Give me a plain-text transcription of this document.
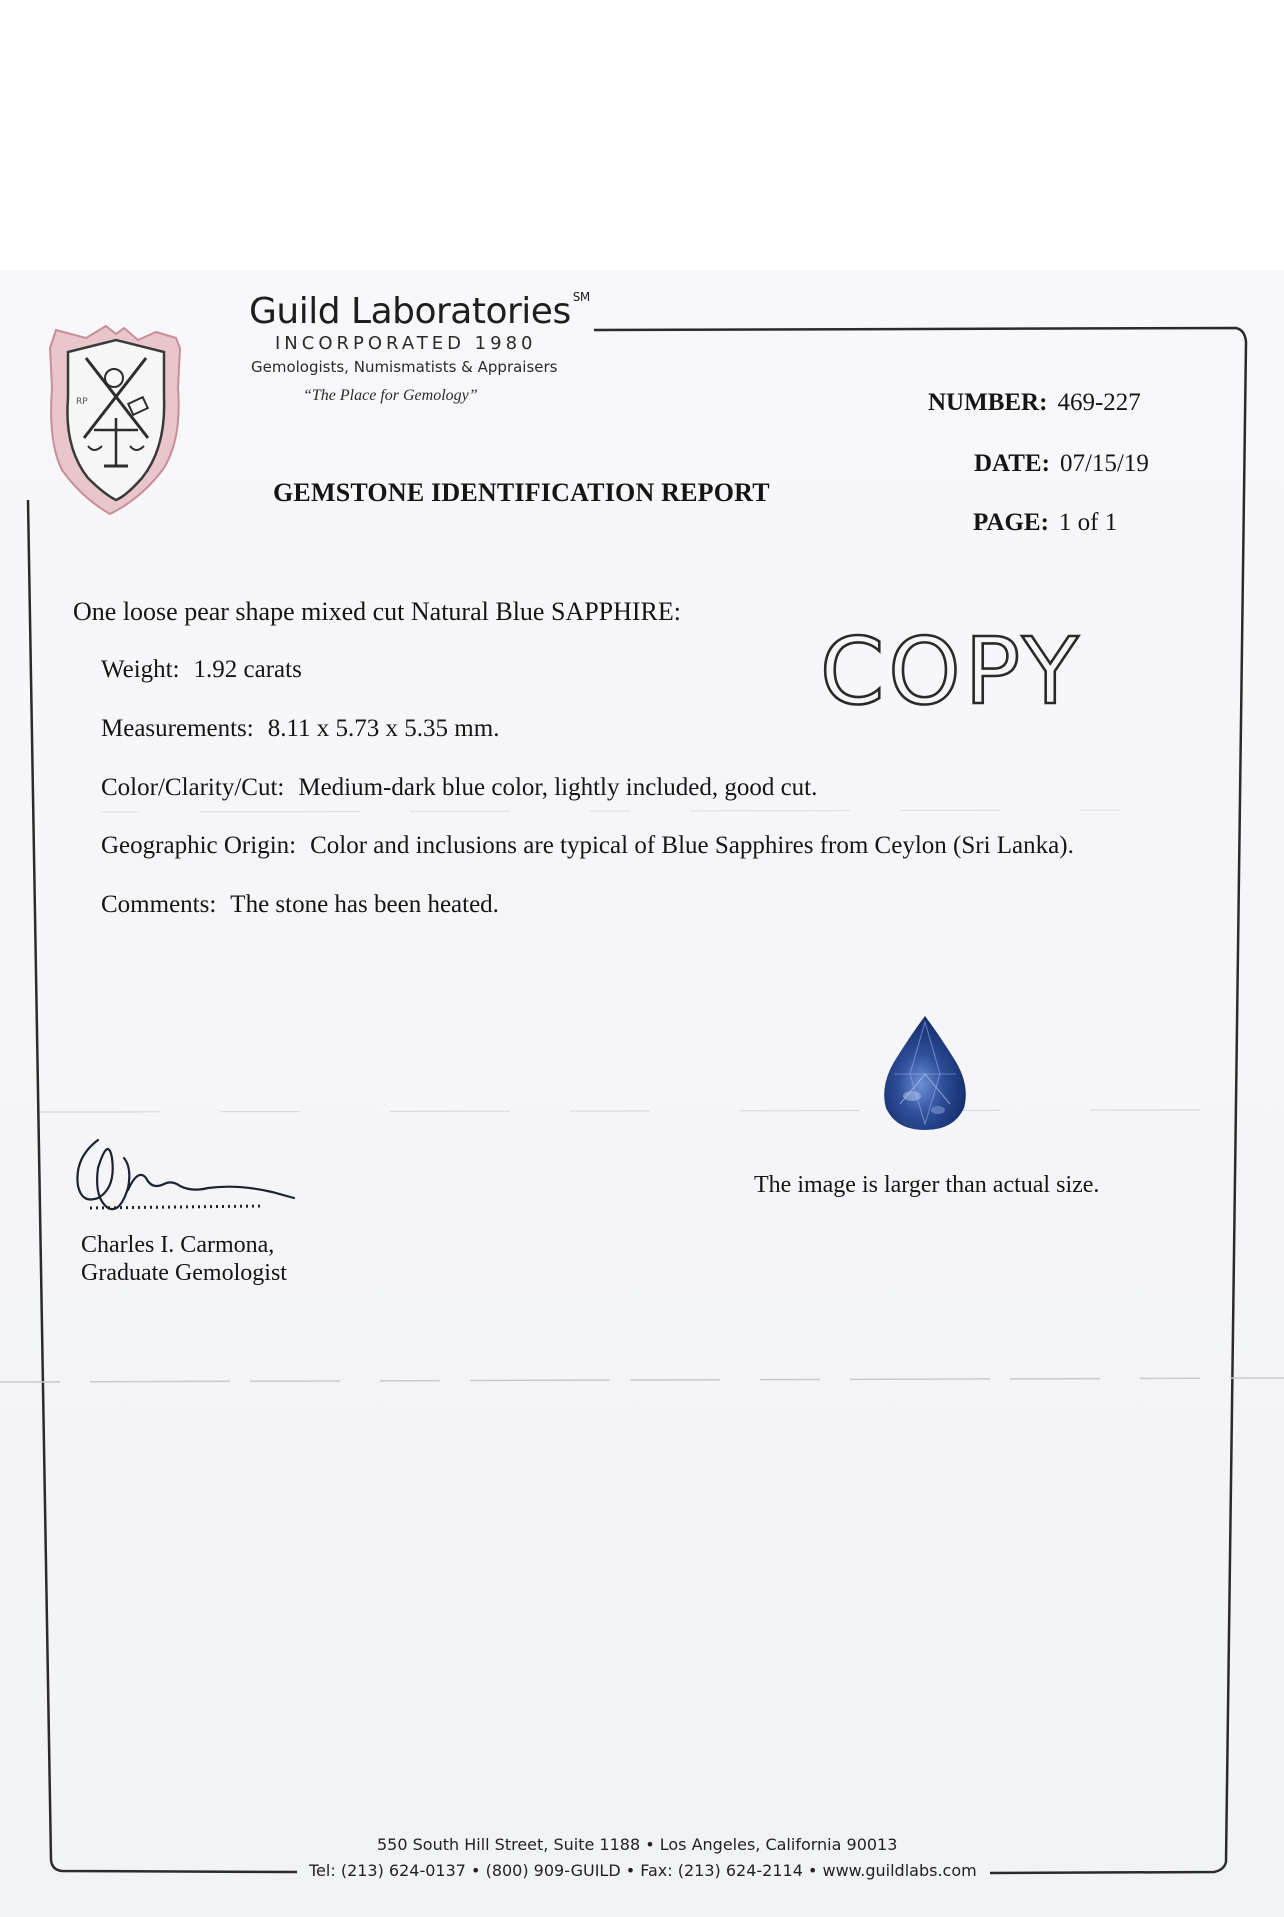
RP
Guild Laboratories ℠
INCORPORATED 1980
Gemologists, Numismatists & Appraisers
“The Place for Gemology”
GEMSTONE IDENTIFICATION REPORT
NUMBER: 469-227
DATE: 07/15/19
PAGE: 1 of 1
COPY
One loose pear shape mixed cut Natural Blue SAPPHIRE:
Weight: 1.92 carats
Measurements: 8.11 x 5.73 x 5.35 mm.
Color/Clarity/Cut: Medium-dark blue color, lightly included, good cut.
Geographic Origin: Color and inclusions are typical of Blue Sapphires from Ceylon (Sri Lanka).
Comments: The stone has been heated.
The image is larger than actual size.
Charles I. Carmona,
Graduate Gemologist
550 South Hill Street, Suite 1188 • Los Angeles, California 90013
Tel: (213) 624-0137 • (800) 909-GUILD • Fax: (213) 624-2114 • www.guildlabs.com
